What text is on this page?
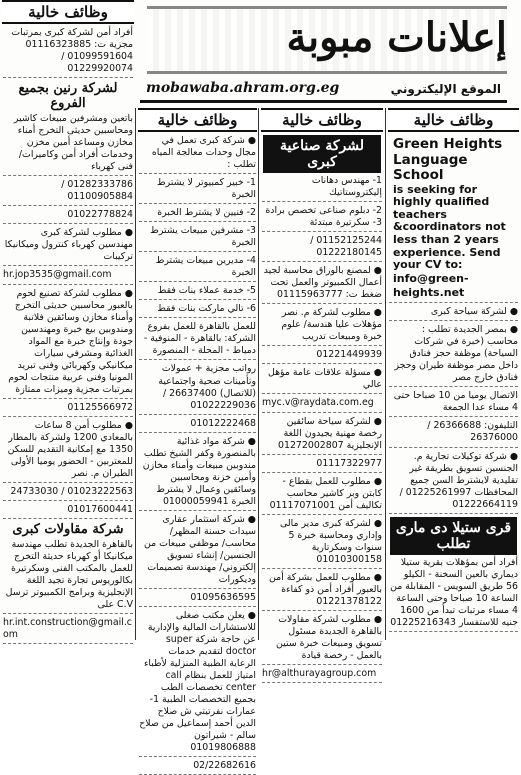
إعلانات مبوبة
الموقع الإليكتروني
mobawaba.ahram.org.eg
وظائف خالية
Green Heights Language School
is seeking for highly qualified teachers &coordinators not less than 2 years experience. Send your CV to:
info@green-heights.net
● لشركة سياحة كبرى
● بمصر الجديدة تطلب : محاسب (خبرة في شركات السياحة) موظفة حجز فنادق داخل مصر موظفة طيران وحجز فنادق خارج مصر
الاتصال يوميا من 10 صباحا حتى 4 مساء عدا الجمعة
التليفون: 26366688 / 26376000
● شركة توكيلات تجارية م. الجنسين تسويق بطريقة غير تقليدية لايشترط السن جميع المحافظات 01225261997 / 01222664119
قرى ستيلا دى مارى تطلب
أفراد أمن بمؤهلات بقرية ستيلا ديماري بالعين السخنة - الكيلو 56 طريق السويس - المقابلة من الساعة 10 صباحا وحتى الساعة 4 مساء مرتبات تبدأ من 1600 جنيه للاستفسار 01225216343
وظائف خالية
لشركة صناعية كبرى
1- مهندس دهانات إليكتروستاتيك
2- دبلوم صناعى تخصص برادة 3- سكرتيرة مبتدئة
01152125244 / 01222180145
● لمصنع بالوراق محاسبة لجيد أعمال الكمبيوتر والعمل تحت ضغط ت: 01115963777
● مطلوب لشركة م. نصر مؤهلات عليا هندسة/ علوم خبرة ومبيعات تدريب
01221449939
● مسؤلة علاقات عامة مؤهل عالي
myc.v@raydata.com.eg
● لشركة سياحة سائقين رخصة مهنية يجيدون اللغة الإنجليزية 01272002807
01117322977
● مطلوب للعمل بقطاع - كابتن وبر كاشير محاسب تكاليف أمن 01117071001
● لشركة كبرى مدير مالى وإداري ومحاسبة خبرة 5 سنوات وسكرتارية 01010300158
● مطلوب للعمل بشركة أمن بالعبور أفراد أمن ذو كفاءة 01221378122
● مطلوب لشركة مقاولات بالقاهرة الجديدة مسئول تسويق ومبيعات خبرة ستين بالعمل - رخصة قيادة
hr@althurayagroup.com
وظائف خالية
● شركة كبرى تعمل في مجال وحدات معالجة المياه تطلب :
1- خبير كمبيوتر لا يشترط الخبرة
2- فنيين لا يشترط الخبرة
3- مشرفين مبيعات يشترط الخبرة
4- مديرين مبيعات يشترط الخبرة
5- خدمة عملاء بنات فقط
6- تالي ماركت بنات فقط
للعمل بالقاهرة للعمل بفروع الشركة: بالقاهرة - المنوفية - دمياط - المحلة - المنصورة
رواتب مجزية + عمولات وتأمينات صحية واجتماعية (للاتصال) 26637400 / 01022229036
01012222468
● شركة مواد غذائية بالمنصورة وكفر الشيخ تطلب مندوبين مبيعات وأمناء مخازن وأمين خزنة ومحاسبين وسائقين وعمال لا يشترط الخبرة 01000059941
● شركة استثمار عقارى سيدات حسنة المظهر/ محاسب/ موظفي مبيعات من الجنسين/ إنشاء تسويق إلكتروني/ مهندسة تصميمات وديكورات
01095636595
● يعلن مكتب صغلى للاستشارات المالية والإدارية عن حاجة شركة super doctor لتقديم خدمات الرعاية الطبية المنزلية لأطباء امتياز للعمل بنظام call center تخصصات الطب بجميع التخصصات الطبية 1- عمارات نفرتيتي ش صلاح الدين أحمد إسماعيل من صلاح سالم - شيراتون 01019806888
02/22682616
وظائف خالية
أفراد أمن لشركة كبرى بمرتبات مجزية ت: 01116323885 01099591604 / 01229920074
لشركة رنين بجميع الفروع
باتعين ومشرفين مبيعات كاشير ومحاسبين حديثى التخرج أمناء مخازن ومساعد أمين مخزن وخدمات أفراد أمن وكاميرات/ فنى كهرباء
01282333786 / 01100905884
01022778824
● مطلوب لشركة كبرى مهندسين كهرباء كنترول وميكانيكا تركيبات
hr.jop3535@gmail.com
● مطلوب لشركة تصنيع لحوم بالعبور محاسبين حديثى التخرج وأمناء مخازن وسائقين فلاتبة ومندوبين بيع خبرة ومهندسين جودة وإنتاج خبرة مع المواد الغذائية ومشرفي سيارات ميكانيكي وكهربائي وفنى تبريد المونيا وفنى عربية منتجات لحوم بمرتبات مجزية وميزات ممتازة
01125566972
● مطلوب أمن 8 ساعات بالمعادي 1200 ولشركة بالمطار 1350 مع إمكانية التقديم للسكن للمعتربين - الحضور يوميا الأولى الطيران م. نصر
01023222563 / 24733030
01017600441
شركة مقاولات كبرى
بالقاهرة الجديدة تطلب مهندسة ميكانيكا أو كهرباء حديثة التخرج للعمل بالمكتب الفنى وسكرتيرة بكالوريوس تجارة تجيد اللغة الإنجليزية وبرامج الكمبيوتر ترسل C.V على
hr.int.construction@gmail.com
